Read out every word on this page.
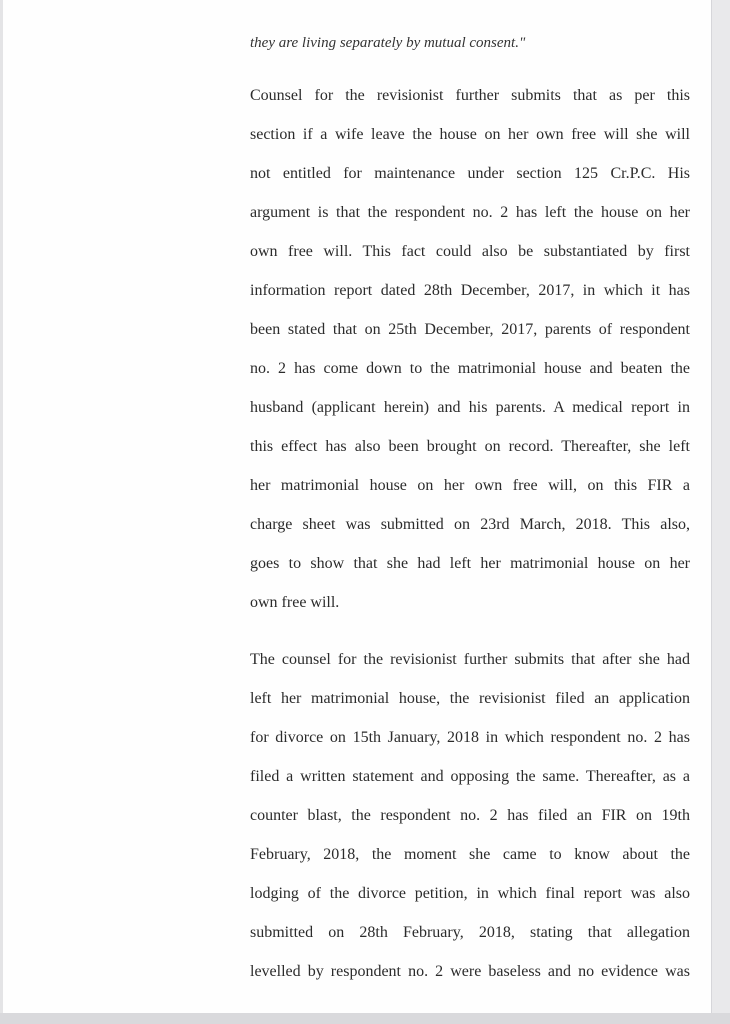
they are living separately by mutual consent."
Counsel for the revisionist further submits that as per this
section if a wife leave the house on her own free will she will
not entitled for maintenance under section 125 Cr.P.C. His
argument is that the respondent no. 2 has left the house on her
own free will. This fact could also be substantiated by first
information report dated 28th December, 2017, in which it has
been stated that on 25th December, 2017, parents of respondent
no. 2 has come down to the matrimonial house and beaten the
husband (applicant herein) and his parents. A medical report in
this effect has also been brought on record. Thereafter, she left
her matrimonial house on her own free will, on this FIR a
charge sheet was submitted on 23rd March, 2018. This also,
goes to show that she had left her matrimonial house on her
own free will.
The counsel for the revisionist further submits that after she had
left her matrimonial house, the revisionist filed an application
for divorce on 15th January, 2018 in which respondent no. 2 has
filed a written statement and opposing the same. Thereafter, as a
counter blast, the respondent no. 2 has filed an FIR on 19th
February, 2018, the moment she came to know about the
lodging of the divorce petition, in which final report was also
submitted on 28th February, 2018, stating that allegation
levelled by respondent no. 2 were baseless and no evidence was
